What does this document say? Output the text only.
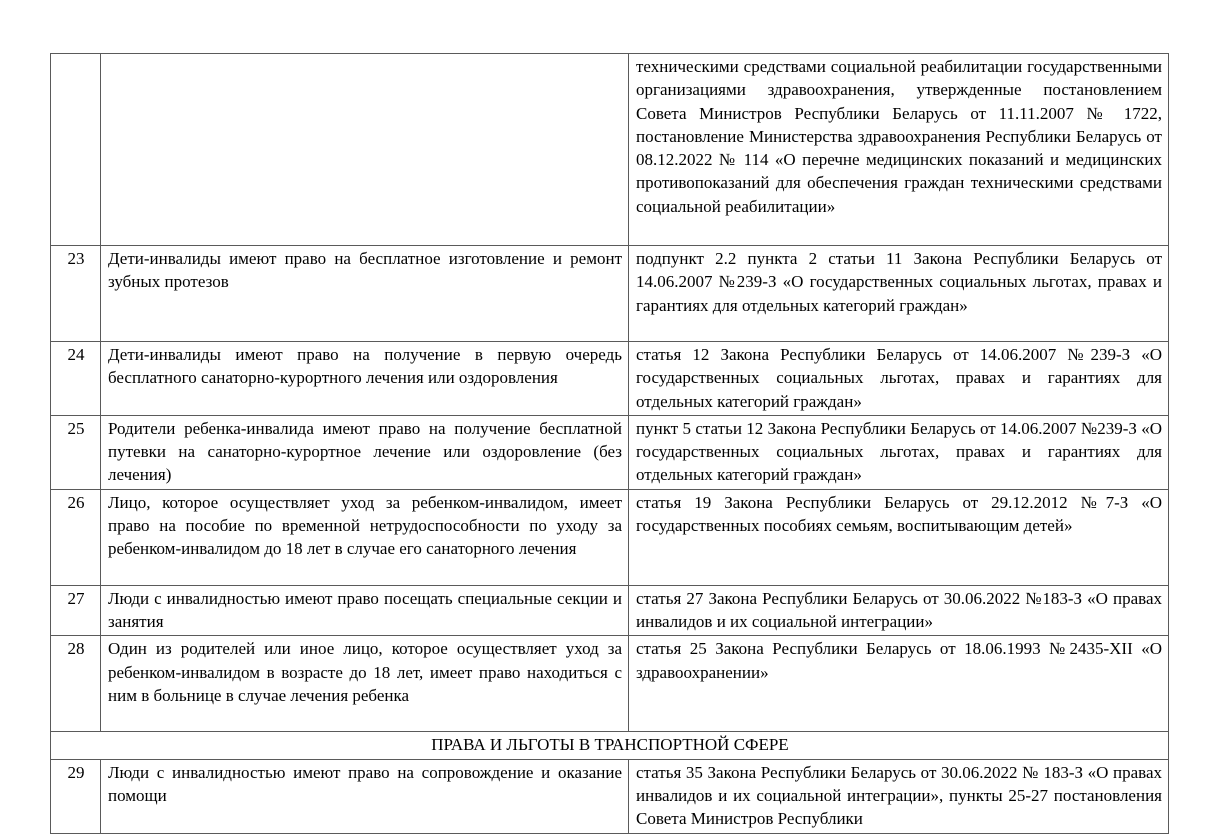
		техническими средствами социальной реабилитации государственными организациями здравоохранения, утвержденные постановлением Совета Министров Республики Беларусь от 11.11.2007 № 1722, постановление Министерства здравоохранения Республики Беларусь от 08.12.2022 № 114 «О перечне медицинских показаний и медицинских противопоказаний для обеспечения граждан техническими средствами социальной реабилитации»
23	Дети-инвалиды имеют право на бесплатное изготовление и ремонт зубных протезов	подпункт 2.2 пункта 2 статьи 11 Закона Республики Беларусь от 14.06.2007 №239-З «О государственных социальных льготах, правах и гарантиях для отдельных категорий граждан»
24	Дети-инвалиды имеют право на получение в первую очередь бесплатного санаторно-курортного лечения или оздоровления	статья 12 Закона Республики Беларусь от 14.06.2007 №239-З «О государственных социальных льготах, правах и гарантиях для отдельных категорий граждан»
25	Родители ребенка-инвалида имеют право на получение бесплатной путевки на санаторно-курортное лечение или оздоровление (без лечения)	пункт 5 статьи 12 Закона Республики Беларусь от 14.06.2007 №239-З «О государственных социальных льготах, правах и гарантиях для отдельных категорий граждан»
26	Лицо, которое осуществляет уход за ребенком-инвалидом, имеет право на пособие по временной нетрудоспособности по уходу за ребенком-инвалидом до 18 лет в случае его санаторного лечения	статья 19 Закона Республики Беларусь от 29.12.2012 №7-З «О государственных пособиях семьям, воспитывающим детей»
27	Люди с инвалидностью имеют право посещать специальные секции и занятия	статья 27 Закона Республики Беларусь от 30.06.2022 №183-З «О правах инвалидов и их социальной интеграции»
28	Один из родителей или иное лицо, которое осуществляет уход за ребенком-инвалидом в возрасте до 18 лет, имеет право находиться с ним в больнице в случае лечения ребенка	статья 25 Закона Республики Беларусь от 18.06.1993 №2435-XII «О здравоохранении»
ПРАВА И ЛЬГОТЫ В ТРАНСПОРТНОЙ СФЕРЕ		
29	Люди с инвалидностью имеют право на сопровождение и оказание помощи	статья 35 Закона Республики Беларусь от 30.06.2022 № 183-З «О правах инвалидов и их социальной интеграции», пункты 25-27 постановления Совета Министров Республики
